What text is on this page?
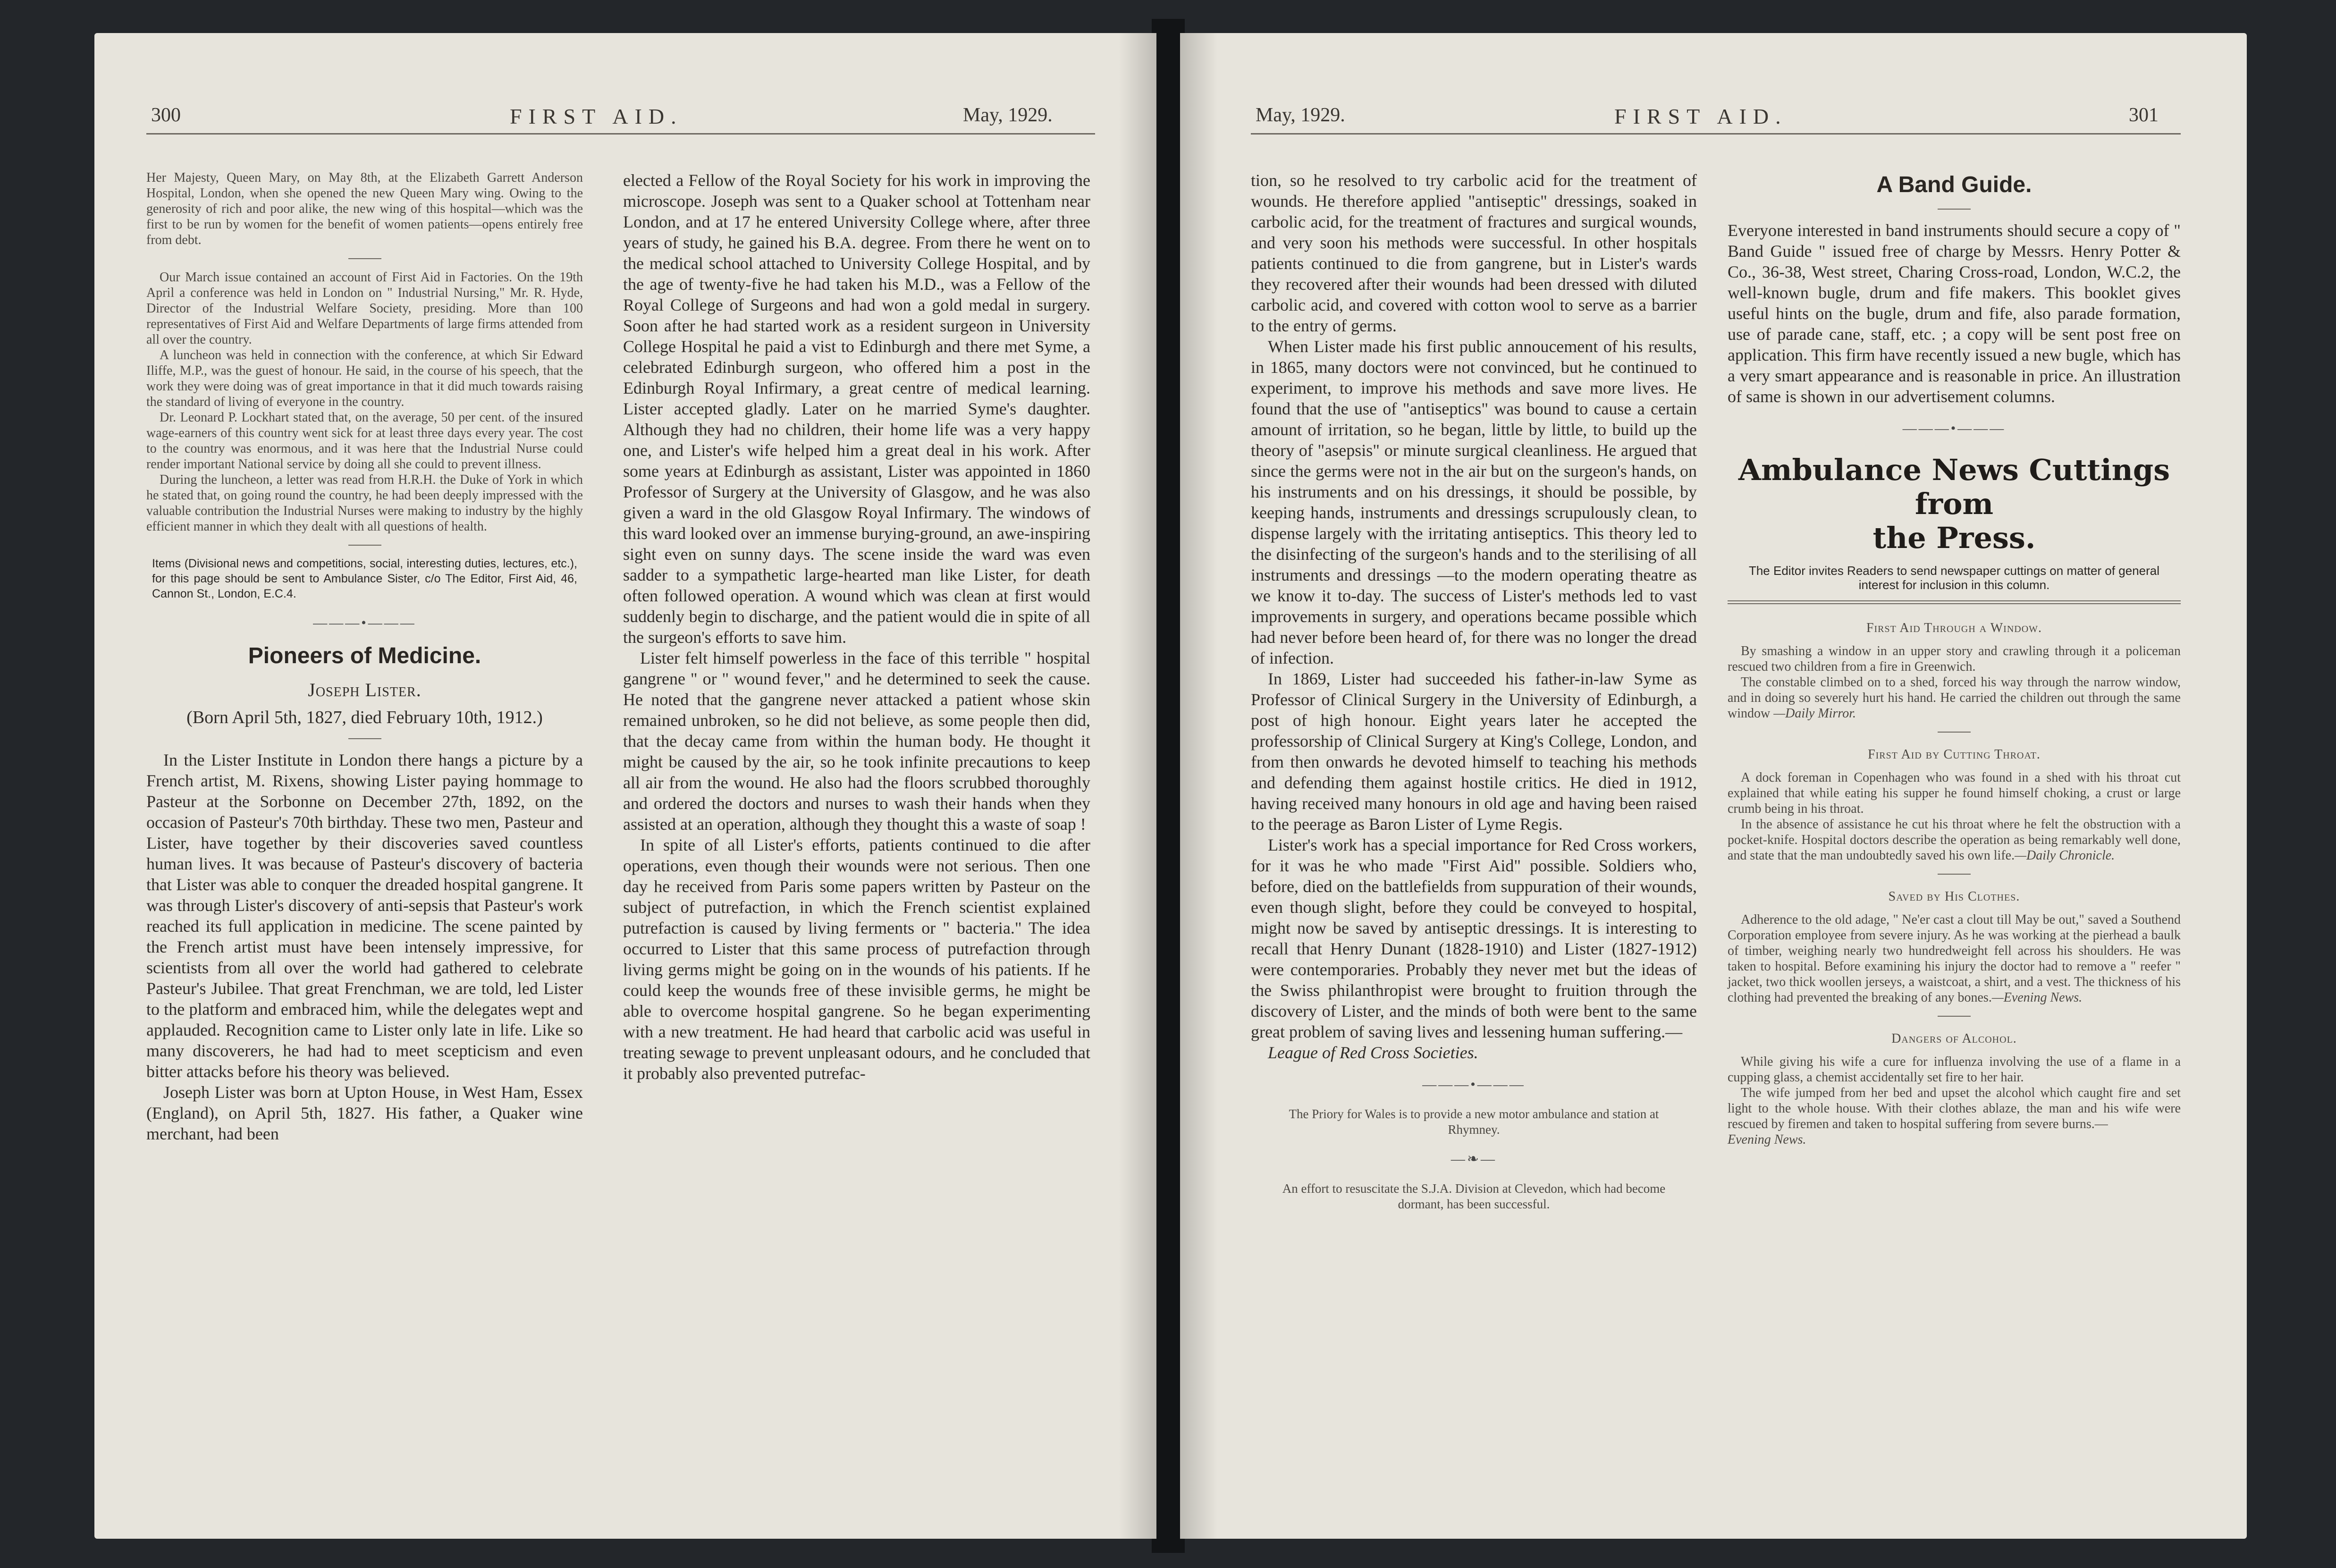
300	FIRST AID.	May, 1929.

Her Majesty, Queen Mary, on May 8th, at the Elizabeth Garrett Anderson Hospital, London, when she opened the new Queen Mary wing. Owing to the generosity of rich and poor alike, the new wing of this hospital—which was the first to be run by women for the benefit of women patients—opens entirely free from debt.

Our March issue contained an account of First Aid in Factories. On the 19th April a conference was held in London on " Industrial Nursing," Mr. R. Hyde, Director of the Industrial Welfare Society, presiding. More than 100 representatives of First Aid and Welfare Departments of large firms attended from all over the country.

A luncheon was held in connection with the conference, at which Sir Edward Iliffe, M.P., was the guest of honour. He said, in the course of his speech, that the work they were doing was of great importance in that it did much towards raising the standard of living of everyone in the country.

Dr. Leonard P. Lockhart stated that, on the average, 50 per cent. of the insured wage-earners of this country went sick for at least three days every year. The cost to the country was enormous, and it was here that the Industrial Nurse could render important National service by doing all she could to prevent illness.

During the luncheon, a letter was read from H.R.H. the Duke of York in which he stated that, on going round the country, he had been deeply impressed with the valuable contribution the Industrial Nurses were making to industry by the highly efficient manner in which they dealt with all questions of health.

Items (Divisional news and competitions, social, interesting duties, lectures, etc.), for this page should be sent to Ambulance Sister, c/o The Editor, First Aid, 46, Cannon St., London, E.C.4.
———•———
Pioneers of Medicine.
Joseph Lister.
(Born April 5th, 1827, died February 10th, 1912.)

In the Lister Institute in London there hangs a picture by a French artist, M. Rixens, showing Lister paying hommage to Pasteur at the Sorbonne on December 27th, 1892, on the occasion of Pasteur's 70th birthday. These two men, Pasteur and Lister, have together by their discoveries saved countless human lives. It was because of Pasteur's discovery of bacteria that Lister was able to conquer the dreaded hospital gangrene. It was through Lister's discovery of anti-sepsis that Pasteur's work reached its full application in medicine. The scene painted by the French artist must have been intensely impressive, for scientists from all over the world had gathered to celebrate Pasteur's Jubilee. That great Frenchman, we are told, led Lister to the platform and embraced him, while the delegates wept and applauded. Recognition came to Lister only late in life. Like so many discoverers, he had had to meet scepticism and even bitter attacks before his theory was believed.

Joseph Lister was born at Upton House, in West Ham, Essex (England), on April 5th, 1827. His father, a Quaker wine merchant, had been

elected a Fellow of the Royal Society for his work in improving the microscope. Joseph was sent to a Quaker school at Tottenham near London, and at 17 he entered University College where, after three years of study, he gained his B.A. degree. From there he went on to the medical school attached to University College Hospital, and by the age of twenty-five he had taken his M.D., was a Fellow of the Royal College of Surgeons and had won a gold medal in surgery. Soon after he had started work as a resident surgeon in University College Hospital he paid a vist to Edinburgh and there met Syme, a celebrated Edinburgh surgeon, who offered him a post in the Edinburgh Royal Infirmary, a great centre of medical learning. Lister accepted gladly. Later on he married Syme's daughter. Although they had no children, their home life was a very happy one, and Lister's wife helped him a great deal in his work. After some years at Edinburgh as assistant, Lister was appointed in 1860 Professor of Surgery at the University of Glasgow, and he was also given a ward in the old Glasgow Royal Infirmary. The windows of this ward looked over an immense burying-ground, an awe-inspiring sight even on sunny days. The scene inside the ward was even sadder to a sympathetic large-hearted man like Lister, for death often followed operation. A wound which was clean at first would suddenly begin to discharge, and the patient would die in spite of all the surgeon's efforts to save him.

Lister felt himself powerless in the face of this terrible " hospital gangrene " or " wound fever," and he determined to seek the cause. He noted that the gangrene never attacked a patient whose skin remained unbroken, so he did not believe, as some people then did, that the decay came from within the human body. He thought it might be caused by the air, so he took infinite precautions to keep all air from the wound. He also had the floors scrubbed thoroughly and ordered the doctors and nurses to wash their hands when they assisted at an operation, although they thought this a waste of soap !

In spite of all Lister's efforts, patients continued to die after operations, even though their wounds were not serious. Then one day he received from Paris some papers written by Pasteur on the subject of putrefaction, in which the French scientist explained putrefaction is caused by living ferments or " bacteria." The idea occurred to Lister that this same process of putrefaction through living germs might be going on in the wounds of his patients. If he could keep the wounds free of these invisible germs, he might be able to overcome hospital gangrene. So he began experimenting with a new treatment. He had heard that carbolic acid was useful in treating sewage to prevent unpleasant odours, and he concluded that it probably also prevented putrefac-

May, 1929.	FIRST AID.	301

tion, so he resolved to try carbolic acid for the treatment of wounds. He therefore applied "antiseptic" dressings, soaked in carbolic acid, for the treatment of fractures and surgical wounds, and very soon his methods were successful. In other hospitals patients continued to die from gangrene, but in Lister's wards they recovered after their wounds had been dressed with diluted carbolic acid, and covered with cotton wool to serve as a barrier to the entry of germs.

When Lister made his first public annoucement of his results, in 1865, many doctors were not convinced, but he continued to experiment, to improve his methods and save more lives. He found that the use of "antiseptics" was bound to cause a certain amount of irritation, so he began, little by little, to build up the theory of "asepsis" or minute surgical cleanliness. He argued that since the germs were not in the air but on the surgeon's hands, on his instruments and on his dressings, it should be possible, by keeping hands, instruments and dressings scrupulously clean, to dispense largely with the irritating antiseptics. This theory led to the disinfecting of the surgeon's hands and to the sterilising of all instruments and dressings —to the modern operating theatre as we know it to-day. The success of Lister's methods led to vast improvements in surgery, and operations became possible which had never before been heard of, for there was no longer the dread of infection.

In 1869, Lister had succeeded his father-in-law Syme as Professor of Clinical Surgery in the University of Edinburgh, a post of high honour. Eight years later he accepted the professorship of Clinical Surgery at King's College, London, and from then onwards he devoted himself to teaching his methods and defending them against hostile critics. He died in 1912, having received many honours in old age and having been raised to the peerage as Baron Lister of Lyme Regis.

Lister's work has a special importance for Red Cross workers, for it was he who made "First Aid" possible. Soldiers who, before, died on the battlefields from suppuration of their wounds, even though slight, before they could be conveyed to hospital, might now be saved by antiseptic dressings. It is interesting to recall that Henry Dunant (1828-1910) and Lister (1827-1912) were contemporaries. Probably they never met but the ideas of the Swiss philanthropist were brought to fruition through the discovery of Lister, and the minds of both were bent to the same great problem of saving lives and lessening human suffering.—

League of Red Cross Societies.

———•———
The Priory for Wales is to provide a new motor ambulance and station at Rhymney.
—❧—
An effort to resuscitate the S.J.A. Division at Clevedon, which had become dormant, has been successful.
A Band Guide.

Everyone interested in band instruments should secure a copy of " Band Guide " issued free of charge by Messrs. Henry Potter & Co., 36-38, West street, Charing Cross-road, London, W.C.2, the well-known bugle, drum and fife makers. This booklet gives useful hints on the bugle, drum and fife, also parade formation, use of parade cane, staff, etc. ; a copy will be sent post free on application. This firm have recently issued a new bugle, which has a very smart appearance and is reasonable in price. An illustration of same is shown in our advertisement columns.

———•———
Ambulance News Cuttings from
the Press.
The Editor invites Readers to send newspaper cuttings on matter of general interest for inclusion in this column.
First Aid Through a Window.

By smashing a window in an upper story and crawling through it a policeman rescued two children from a fire in Greenwich.

The constable climbed on to a shed, forced his way through the narrow window, and in doing so severely hurt his hand. He carried the children out through the same window —Daily Mirror.

First Aid by Cutting Throat.

A dock foreman in Copenhagen who was found in a shed with his throat cut explained that while eating his supper he found himself choking, a crust or large crumb being in his throat.

In the absence of assistance he cut his throat where he felt the obstruction with a pocket-knife. Hospital doctors describe the operation as being remarkably well done, and state that the man undoubtedly saved his own life.—Daily Chronicle.

Saved by His Clothes.

Adherence to the old adage, " Ne'er cast a clout till May be out," saved a Southend Corporation employee from severe injury. As he was working at the pierhead a baulk of timber, weighing nearly two hundredweight fell across his shoulders. He was taken to hospital. Before examining his injury the doctor had to remove a " reefer " jacket, two thick woollen jerseys, a waistcoat, a shirt, and a vest. The thickness of his clothing had prevented the breaking of any bones.—Evening News.

Dangers of Alcohol.

While giving his wife a cure for influenza involving the use of a flame in a cupping glass, a chemist accidentally set fire to her hair.

The wife jumped from her bed and upset the alcohol which caught fire and set light to the whole house. With their clothes ablaze, the man and his wife were rescued by firemen and taken to hospital suffering from severe burns.—

Evening News.
